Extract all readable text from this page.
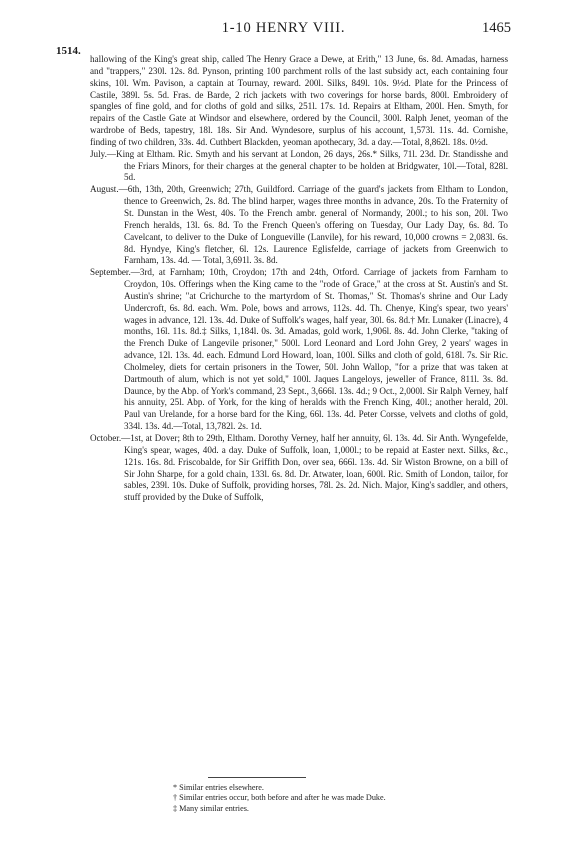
1-10 HENRY VIII.	1465
1514.

hallowing of the King's great ship, called The Henry Grace a Dewe, at Erith," 13 June, 6s. 8d. Amadas, harness and "trappers," 230l. 12s. 8d. Pynson, printing 100 parchment rolls of the last subsidy act, each containing four skins, 10l. Wm. Pavison, a captain at Tournay, reward. 200l. Silks, 849l. 10s. 9½d. Plate for the Princess of Castile, 389l. 5s. 5d. Fras. de Barde, 2 rich jackets with two coverings for horse bards, 800l. Embroidery of spangles of fine gold, and for cloths of gold and silks, 251l. 17s. 1d. Repairs at Eltham, 200l. Hen. Smyth, for repairs of the Castle Gate at Windsor and elsewhere, ordered by the Council, 300l. Ralph Jenet, yeoman of the wardrobe of Beds, tapestry, 18l. 18s. Sir And. Wyndesore, surplus of his account, 1,573l. 11s. 4d. Cornishe, finding of two children, 33s. 4d. Cuthbert Blackden, yeoman apothecary, 3d. a day.—Total, 8,862l. 18s. 0½d.

July.—King at Eltham. Ric. Smyth and his servant at London, 26 days, 26s.* Silks, 71l. 23d. Dr. Standisshe and the Friars Minors, for their charges at the general chapter to be holden at Bridgwater, 10l.—Total, 828l. 5d.

August.—6th, 13th, 20th, Greenwich; 27th, Guildford. Carriage of the guard's jackets from Eltham to London, thence to Greenwich, 2s. 8d. The blind harper, wages three months in advance, 20s. To the Fraternity of St. Dunstan in the West, 40s. To the French ambr. general of Normandy, 200l.; to his son, 20l. Two French heralds, 13l. 6s. 8d. To the French Queen's offering on Tuesday, Our Lady Day, 6s. 8d. To Cavelcant, to deliver to the Duke of Longueville (Lanvile), for his reward, 10,000 crowns = 2,083l. 6s. 8d. Hyndye, King's fletcher, 6l. 12s. Laurence Eglisfelde, carriage of jackets from Greenwich to Farnham, 13s. 4d. — Total, 3,691l. 3s. 8d.

September.—3rd, at Farnham; 10th, Croydon; 17th and 24th, Otford. Carriage of jackets from Farnham to Croydon, 10s. Offerings when the King came to the "rode of Grace," at the cross at St. Austin's and St. Austin's shrine; "at Crichurche to the martyrdom of St. Thomas," St. Thomas's shrine and Our Lady Undercroft, 6s. 8d. each. Wm. Pole, bows and arrows, 112s. 4d. Th. Chenye, King's spear, two years' wages in advance, 12l. 13s. 4d. Duke of Suffolk's wages, half year, 30l. 6s. 8d.† Mr. Lunaker (Linacre), 4 months, 16l. 11s. 8d.‡ Silks, 1,184l. 0s. 3d. Amadas, gold work, 1,906l. 8s. 4d. John Clerke, "taking of the French Duke of Langevile prisoner," 500l. Lord Leonard and Lord John Grey, 2 years' wages in advance, 12l. 13s. 4d. each. Edmund Lord Howard, loan, 100l. Silks and cloth of gold, 618l. 7s. Sir Ric. Cholmeley, diets for certain prisoners in the Tower, 50l. John Wallop, "for a prize that was taken at Dartmouth of alum, which is not yet sold," 100l. Jaques Langeloys, jeweller of France, 811l. 3s. 8d. Daunce, by the Abp. of York's command, 23 Sept., 3,666l. 13s. 4d.; 9 Oct., 2,000l. Sir Ralph Verney, half his annuity, 25l. Abp. of York, for the king of heralds with the French King, 40l.; another herald, 20l. Paul van Urelande, for a horse bard for the King, 66l. 13s. 4d. Peter Corsse, velvets and cloths of gold, 334l. 13s. 4d.—Total, 13,782l. 2s. 1d.

October.—1st, at Dover; 8th to 29th, Eltham. Dorothy Verney, half her annuity, 6l. 13s. 4d. Sir Anth. Wyngefelde, King's spear, wages, 40d. a day. Duke of Suffolk, loan, 1,000l.; to be repaid at Easter next. Silks, &c., 121s. 16s. 8d. Friscobalde, for Sir Griffith Don, over sea, 666l. 13s. 4d. Sir Wiston Browne, on a bill of Sir John Sharpe, for a gold chain, 133l. 6s. 8d. Dr. Atwater, loan, 600l. Ric. Smith of London, tailor, for sables, 239l. 10s. Duke of Suffolk, providing horses, 78l. 2s. 2d. Nich. Major, King's saddler, and others, stuff provided by the Duke of Suffolk,

* Similar entries elsewhere.
† Similar entries occur, both before and after he was made Duke.
‡ Many similar entries.
